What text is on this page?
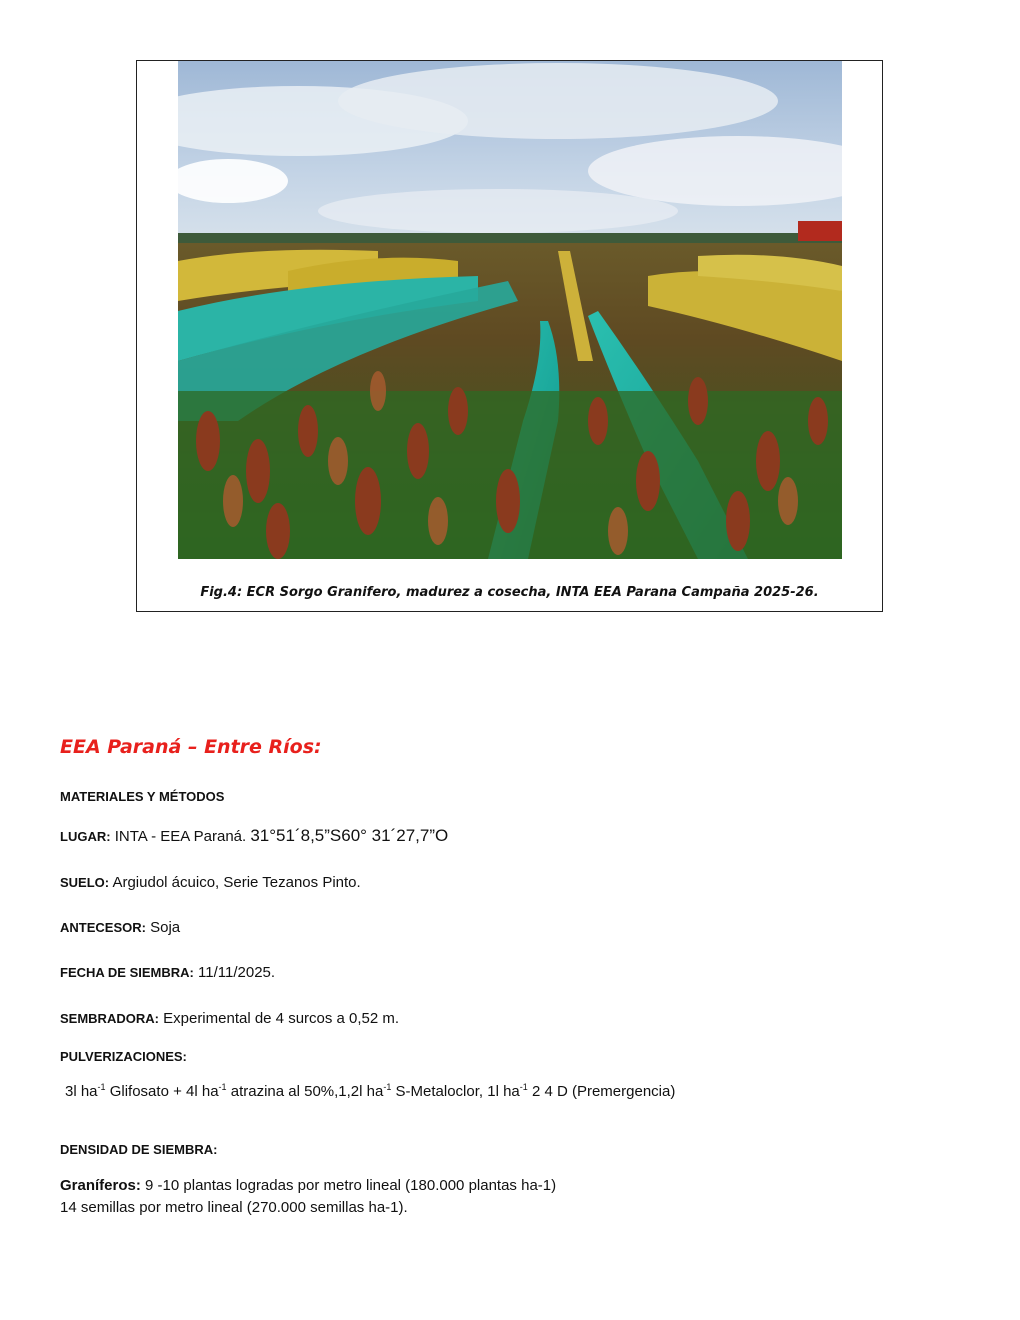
Fig.4: ECR Sorgo Granifero, madurez a cosecha, INTA EEA Parana Campaña 2025-26.
EEA Paraná – Entre Ríos:
MATERIALES Y MÉTODOS
LUGAR: INTA - EEA Paraná. 31°51´8,5”S60° 31´27,7”O
SUELO: Argiudol ácuico, Serie Tezanos Pinto.
ANTECESOR: Soja
FECHA DE SIEMBRA: 11/11/2025.
SEMBRADORA: Experimental de 4 surcos a 0,52 m.
PULVERIZACIONES:
3l $ha^{-1}$ Glifosato + 4l $ha^{-1}$ atrazina al 50%,1,2l $ha^{-1}$ S-Metaloclor, 1l $ha^{-1}$ 2 4 D (Premergencia)
DENSIDAD DE SIEMBRA:
Graníferos: 9 -10 plantas logradas por metro lineal (180.000 plantas ha-1)
14 semillas por metro lineal (270.000 semillas ha-1).
